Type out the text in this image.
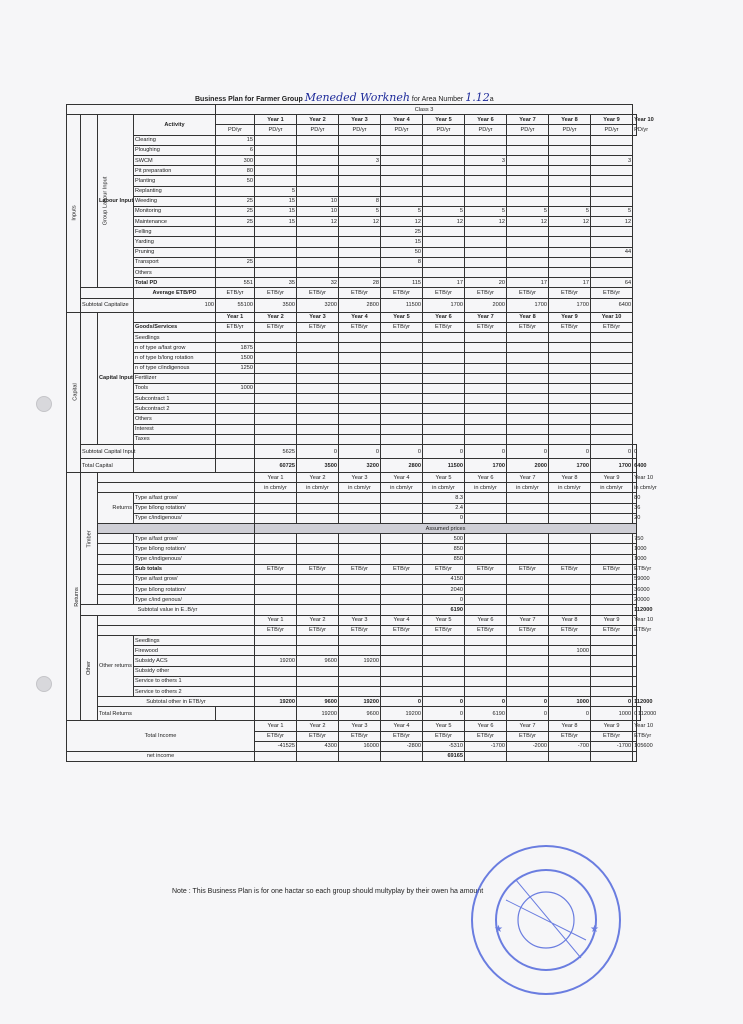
Business Plan for Farmer Group Meneded Workneh for Area Number 1.12a
				Class 3											
Inputs	Group Labour Input	Labour Input	Activity		Year 1	Year 2	Year 3	Year 4	Year 5	Year 6	Year 7	Year 8	Year 9	Year 10	
				PD/yr	PD/yr	PD/yr	PD/yr	PD/yr	PD/yr	PD/yr	PD/yr	PD/yr	PD/yr	PD/yr	
			Clearing	15											
			Ploughing	6											
			SWCM	300			3			3			3		
			Pit preparation	80											
			Planting	50											
			Replanting		5										
			Weeding	25	15	10	8								
			Monitoring	25	15	10	5	5	5	5	5	5	5		
			Maintenance	25	15	12	12	12	12	12	12	12	12		
			Felling					25							
			Yarding					15							
			Pruning					50					44		
			Transport	25				8							
			Others												
			Total PD	551	35	32	28	115	17	20	17	17	64		
			Average ETB/PD	ETB/yr	ETB/yr	ETB/yr	ETB/yr	ETB/yr	ETB/yr	ETB/yr	ETB/yr	ETB/yr	ETB/yr		
	Subtotal Capitalize		100	55100	3500	3200	2800	11500	1700	2000	1700	1700	6400		
Capital		Capital Input		Year 1	Year 2	Year 3	Year 4	Year 5	Year 6	Year 7	Year 8	Year 9	Year 10		
			Goods/Services	ETB/yr	ETB/yr	ETB/yr	ETB/yr	ETB/yr	ETB/yr	ETB/yr	ETB/yr	ETB/yr	ETB/yr		
			Seedlings												
			n of type a/fast grow	1875											
			n of type b/long rotation	1500											
			n of type c/indigenous	1250											
			Fertilizer												
			Tools	1000											
			Subcontract 1												
			Subcontract 2												
			Others												
			Interest												
			Taxes												
	Subtotal Capital Input				5625	0	0	0	0	0	0	0	0	0	
	Total Capital				60725	3500	3200	2800	11500	1700	2000	1700	1700	6400	
Returns	Timber				Year 1	Year 2	Year 3	Year 4	Year 5	Year 6	Year 7	Year 8	Year 9	Year 10	
					in cbm/yr	in cbm/yr	in cbm/yr	in cbm/yr	in cbm/yr	in cbm/yr	in cbm/yr	in cbm/yr	in cbm/yr	in cbm/yr	
		Returns	Type a/fast grow/						8.3					80	
			Type b/long rotation/						2.4					36	
			Type c/indigenous/						0					20	
					Assumed prices										
			Type a/fast grow/						500					750	
			Type b/long rotation/						850					1000	
			Type c/indigenous/						850					1000	
			Sub totals		ETB/yr	ETB/yr	ETB/yr	ETB/yr	ETB/yr	ETB/yr	ETB/yr	ETB/yr	ETB/yr	ETB/yr	
			Type a/fast grow/						4150					59000	
			Type b/long rotation/						2040					36000	
			Type c/ind genous/						0					20000	
	Subtotal value in E..B/yr								6190					112000	
	Other				Year 1	Year 2	Year 3	Year 4	Year 5	Year 6	Year 7	Year 8	Year 9	Year 10	
					ETB/yr	ETB/yr	ETB/yr	ETB/yr	ETB/yr	ETB/yr	ETB/yr	ETB/yr	ETB/yr	ETB/yr	
		Other returns	Seedlings												
			Firewood									1000			
			Subsidy ACS		19200	9600	19200								
			Subsidy other												
			Service to others 1												
			Service to others 2												
		Subtotal other in ETB/yr			19200	9600	19200	0	0	0	0	1000	0	112000	
		Total Returns				19200	9600	19200	0	6190	0	0	1000	0	112000
Total Income					Year 1	Year 2	Year 3	Year 4	Year 5	Year 6	Year 7	Year 8	Year 9	Year 10	
					ETB/yr	ETB/yr	ETB/yr	ETB/yr	ETB/yr	ETB/yr	ETB/yr	ETB/yr	ETB/yr	ETB/yr	
					-41525	4300	16000	-2800	-5310	-1700	-2000	-700	-1700	105600	
net income									69165						
Note : This Business Plan is for one hactar so each group should multyplay by their owen ha amount
★	★
